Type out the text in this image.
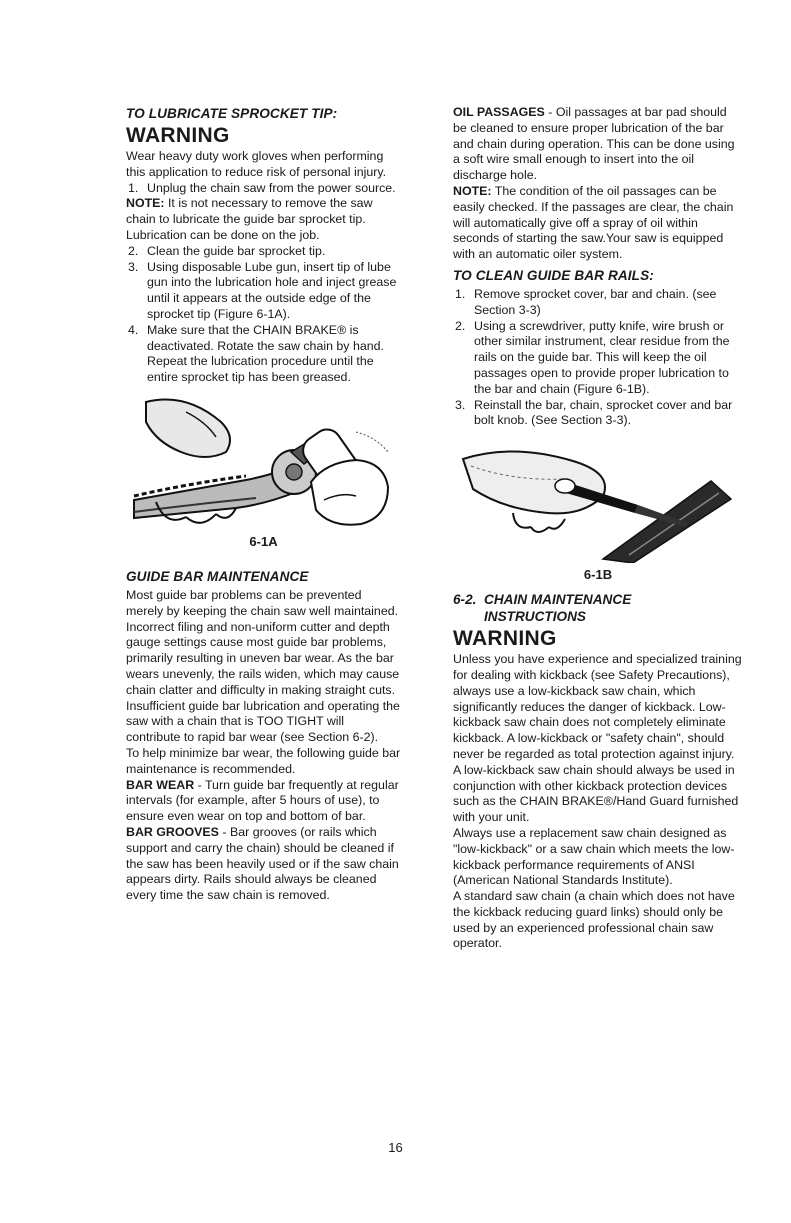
TO LUBRICATE SPROCKET TIP:
WARNING

Wear heavy duty work gloves when performing this application to reduce risk of personal injury.

1. Unplug the chain saw from the power source.

NOTE: It is not necessary to remove the saw chain to lubricate the guide bar sprocket tip. Lubrication can be done on the job.

2. Clean the guide bar sprocket tip.
3. Using disposable Lube gun, insert tip of lube gun into the lubrication hole and inject grease until it appears at the outside edge of the sprocket tip (Figure 6-1A).
4. Make sure that the CHAIN BRAKE® is deactivated. Rotate the saw chain by hand. Repeat the lubrication procedure until the entire sprocket tip has been greased.
6-1A
GUIDE BAR MAINTENANCE

Most guide bar problems can be prevented merely by keeping the chain saw well maintained.

Incorrect filing and non-uniform cutter and depth gauge settings cause most guide bar problems, primarily resulting in uneven bar wear. As the bar wears unevenly, the rails widen, which may cause chain clatter and difficulty in making straight cuts.

Insufficient guide bar lubrication and operating the saw with a chain that is TOO TIGHT will contribute to rapid bar wear (see Section 6-2).

To help minimize bar wear, the following guide bar maintenance is recommended.

BAR WEAR - Turn guide bar frequently at regular intervals (for example, after 5 hours of use), to ensure even wear on top and bottom of bar.

BAR GROOVES - Bar grooves (or rails which support and carry the chain) should be cleaned if the saw has been heavily used or if the saw chain appears dirty. Rails should always be cleaned every time the saw chain is removed.

OIL PASSAGES - Oil passages at bar pad should be cleaned to ensure proper lubrication of the bar and chain during operation. This can be done using a soft wire small enough to insert into the oil discharge hole.

NOTE: The condition of the oil passages can be easily checked. If the passages are clear, the chain will automatically give off a spray of oil within seconds of starting the saw.Your saw is equipped with an automatic oiler system.

TO CLEAN GUIDE BAR RAILS:
1. Remove sprocket cover, bar and chain. (see Section 3-3)
2. Using a screwdriver, putty knife, wire brush or other similar instrument, clear residue from the rails on the guide bar. This will keep the oil passages open to provide proper lubrication to the bar and chain (Figure 6-1B).
3. Reinstall the bar, chain, sprocket cover and bar bolt knob. (See Section 3-3).
6-1B
6-2. CHAIN MAINTENANCE
INSTRUCTIONS
WARNING

Unless you have experience and specialized training for dealing with kickback (see Safety Precautions), always use a low-kickback saw chain, which significantly reduces the danger of kickback. Low-kickback saw chain does not completely eliminate kickback. A low-kickback or "safety chain", should never be regarded as total protection against injury.

A low-kickback saw chain should always be used in conjunction with other kickback protection devices such as the CHAIN BRAKE®/Hand Guard furnished with your unit.

Always use a replacement saw chain designed as "low-kickback" or a saw chain which meets the low-kickback performance requirements of ANSI (American National Standards Institute).

A standard saw chain (a chain which does not have the kickback reducing guard links) should only be used by an experienced professional chain saw operator.

16
